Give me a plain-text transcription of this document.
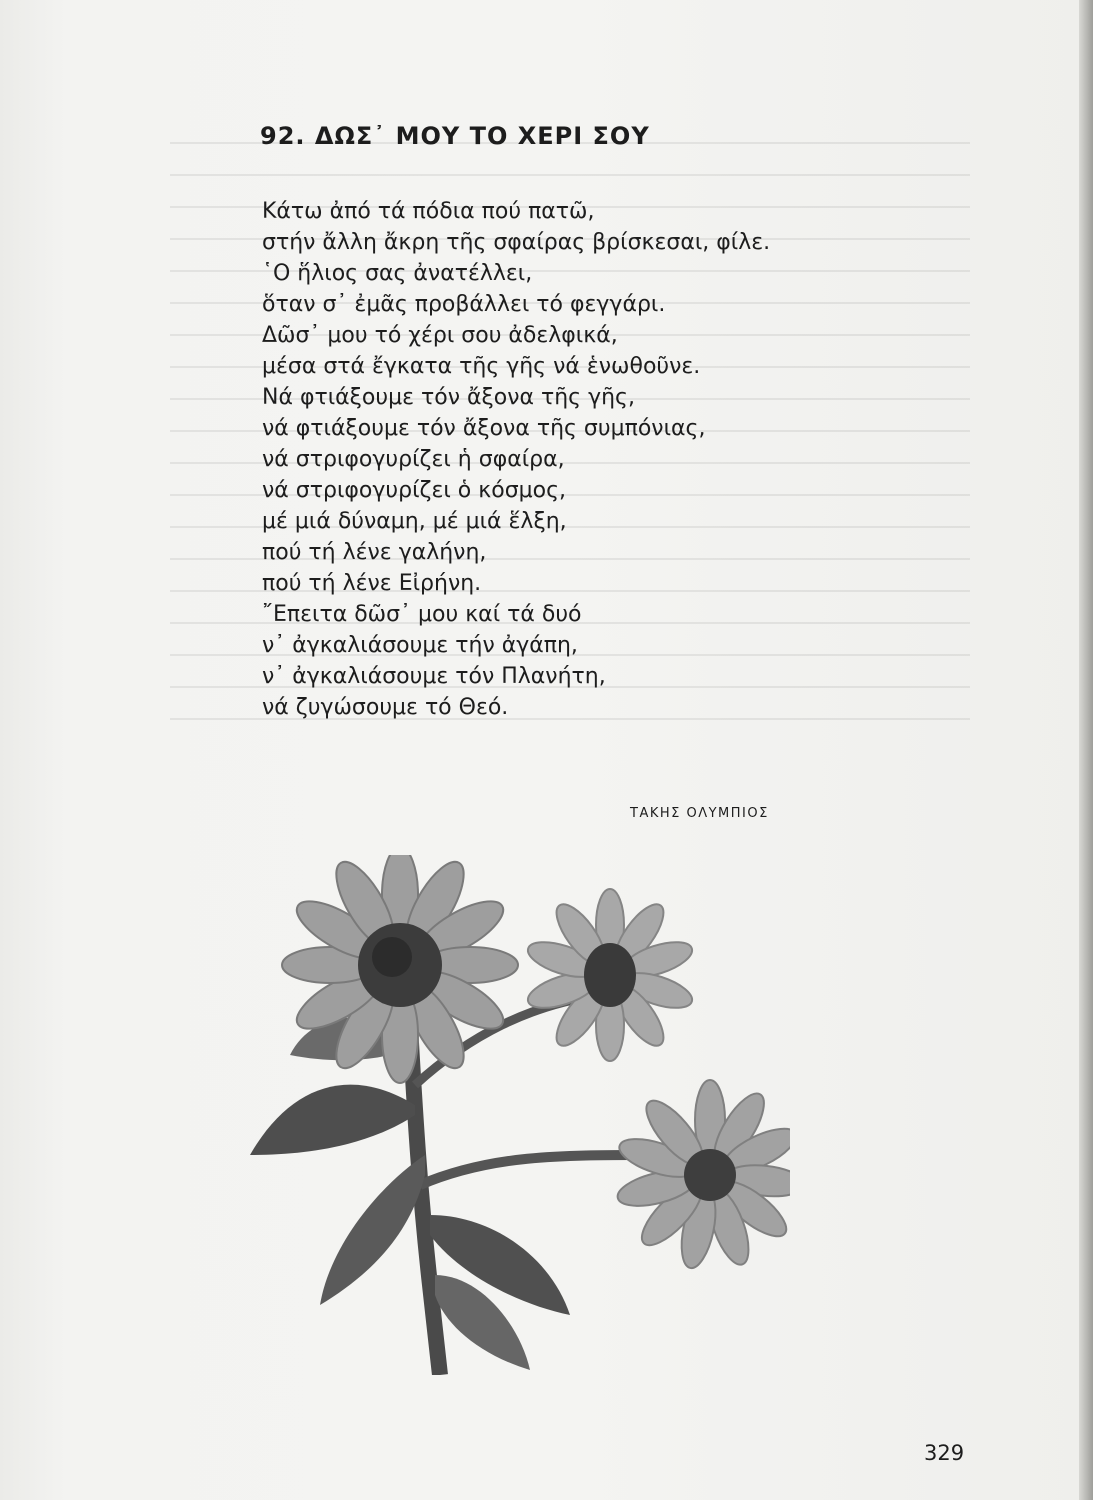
92. ΔΩΣ᾿ ΜΟΥ ΤΟ ΧΕΡΙ ΣΟΥ
Κάτω ἀπό τά πόδια πού πατῶ,
στήν ἄλλη ἄκρη τῆς σφαίρας βρίσκεσαι, φίλε.
῾Ο ἥλιος σας ἀνατέλλει,
ὅταν σ᾿ ἐμᾶς προβάλλει τό φεγγάρι.
Δῶσ᾿ μου τό χέρι σου ἀδελφικά,
μέσα στά ἔγκατα τῆς γῆς νά ἑνωθοῦνε.
Νά φτιάξουμε τόν ἄξονα τῆς γῆς,
νά φτιάξουμε τόν ἄξονα τῆς συμπόνιας,
νά στριφογυρίζει ἡ σφαίρα,
νά στριφογυρίζει ὁ κόσμος,
μέ μιά δύναμη, μέ μιά ἕλξη,
πού τή λένε γαλήνη,
πού τή λένε Εἰρήνη.
῎Επειτα δῶσ᾿ μου καί τά δυό
ν᾿ ἀγκαλιάσουμε τήν ἀγάπη,
ν᾿ ἀγκαλιάσουμε τόν Πλανήτη,
νά ζυγώσουμε τό Θεό.
ΤΑΚΗΣ ΟΛΥΜΠΙΟΣ
329
